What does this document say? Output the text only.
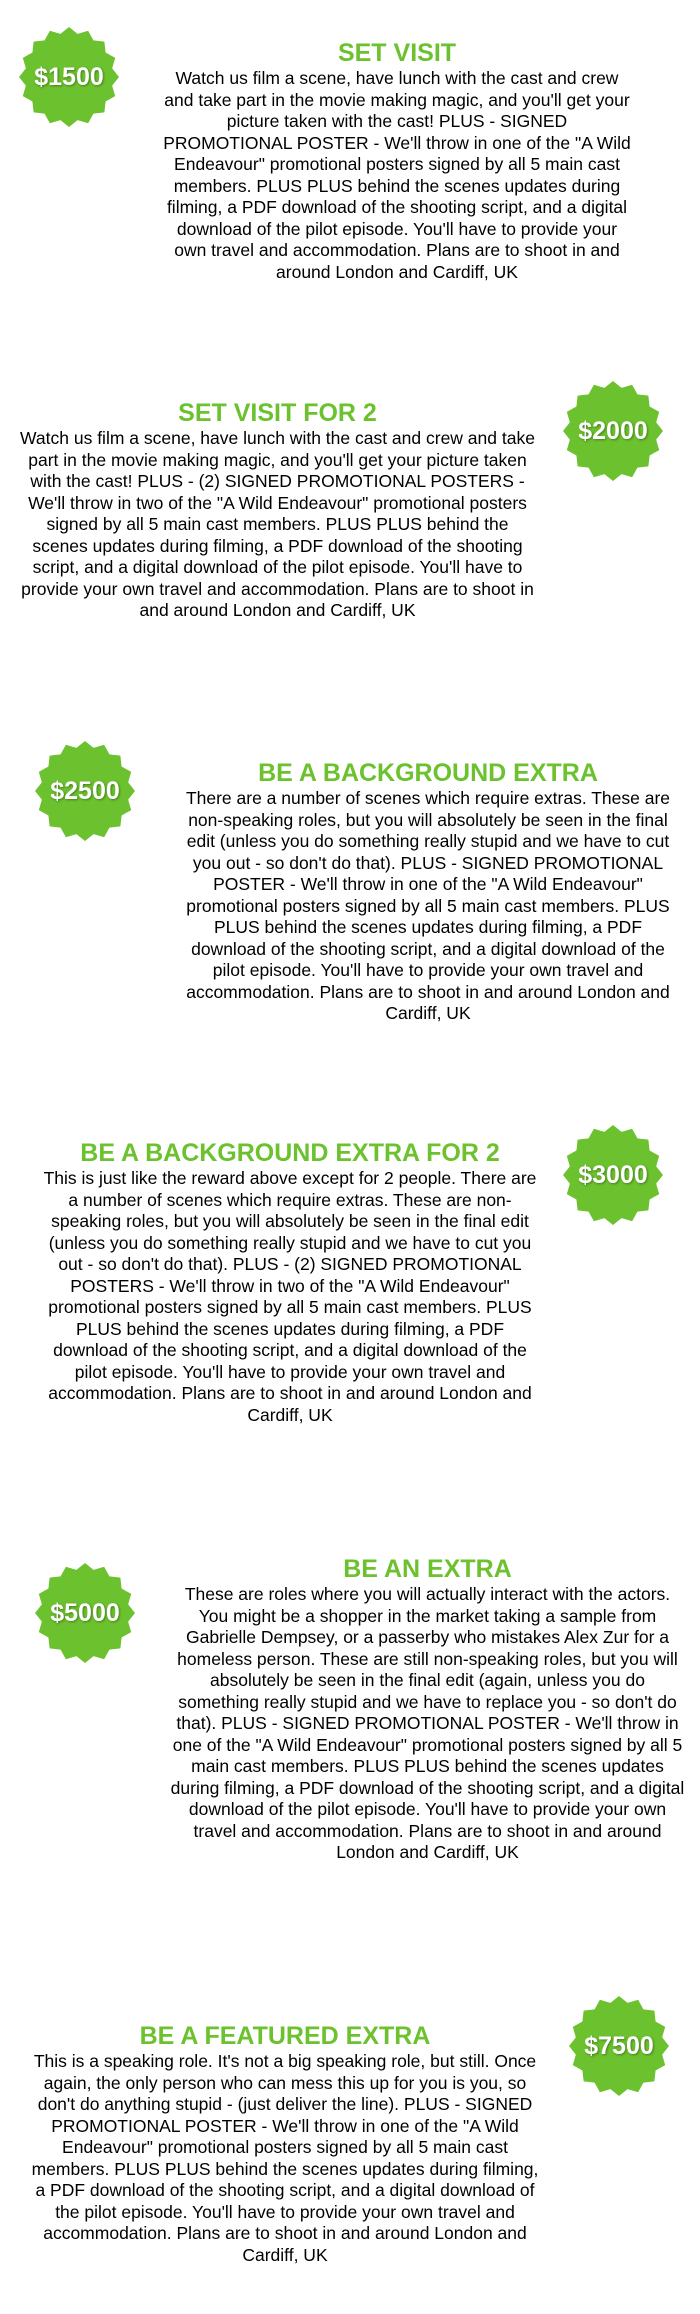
$1500
SET VISIT

Watch us film a scene, have lunch with the cast and crew and take part in the movie making magic, and you'll get your picture taken with the cast! PLUS - SIGNED PROMOTIONAL POSTER - We'll throw in one of the "A Wild Endeavour" promotional posters signed by all 5 main cast members. PLUS PLUS behind the scenes updates during filming, a PDF download of the shooting script, and a digital download of the pilot episode. You'll have to provide your own travel and accommodation. Plans are to shoot in and around London and Cardiff, UK

$2000
SET VISIT FOR 2

Watch us film a scene, have lunch with the cast and crew and take part in the movie making magic, and you'll get your picture taken with the cast! PLUS - (2) SIGNED PROMOTIONAL POSTERS - We'll throw in two of the "A Wild Endeavour" promotional posters signed by all 5 main cast members. PLUS PLUS behind the scenes updates during filming, a PDF download of the shooting script, and a digital download of the pilot episode. You'll have to provide your own travel and accommodation. Plans are to shoot in and around London and Cardiff, UK

$2500
BE A BACKGROUND EXTRA

There are a number of scenes which require extras. These are non-speaking roles, but you will absolutely be seen in the final edit (unless you do something really stupid and we have to cut you out - so don't do that). PLUS - SIGNED PROMOTIONAL POSTER - We'll throw in one of the "A Wild Endeavour" promotional posters signed by all 5 main cast members. PLUS PLUS behind the scenes updates during filming, a PDF download of the shooting script, and a digital download of the pilot episode. You'll have to provide your own travel and accommodation. Plans are to shoot in and around London and Cardiff, UK

$3000
BE A BACKGROUND EXTRA FOR 2

This is just like the reward above except for 2 people. There are a number of scenes which require extras. These are non-speaking roles, but you will absolutely be seen in the final edit (unless you do something really stupid and we have to cut you out - so don't do that). PLUS - (2) SIGNED PROMOTIONAL POSTERS - We'll throw in two of the "A Wild Endeavour" promotional posters signed by all 5 main cast members. PLUS PLUS behind the scenes updates during filming, a PDF download of the shooting script, and a digital download of the pilot episode. You'll have to provide your own travel and accommodation. Plans are to shoot in and around London and Cardiff, UK

$5000
BE AN EXTRA

These are roles where you will actually interact with the actors. You might be a shopper in the market taking a sample from Gabrielle Dempsey, or a passerby who mistakes Alex Zur for a homeless person. These are still non-speaking roles, but you will absolutely be seen in the final edit (again, unless you do something really stupid and we have to replace you - so don't do that). PLUS - SIGNED PROMOTIONAL POSTER - We'll throw in one of the "A Wild Endeavour" promotional posters signed by all 5 main cast members. PLUS PLUS behind the scenes updates during filming, a PDF download of the shooting script, and a digital download of the pilot episode. You'll have to provide your own travel and accommodation. Plans are to shoot in and around London and Cardiff, UK

$7500
BE A FEATURED EXTRA

This is a speaking role. It's not a big speaking role, but still. Once again, the only person who can mess this up for you is you, so don't do anything stupid - (just deliver the line). PLUS - SIGNED PROMOTIONAL POSTER - We'll throw in one of the "A Wild Endeavour" promotional posters signed by all 5 main cast members. PLUS PLUS behind the scenes updates during filming, a PDF download of the shooting script, and a digital download of the pilot episode. You'll have to provide your own travel and accommodation. Plans are to shoot in and around London and Cardiff, UK
